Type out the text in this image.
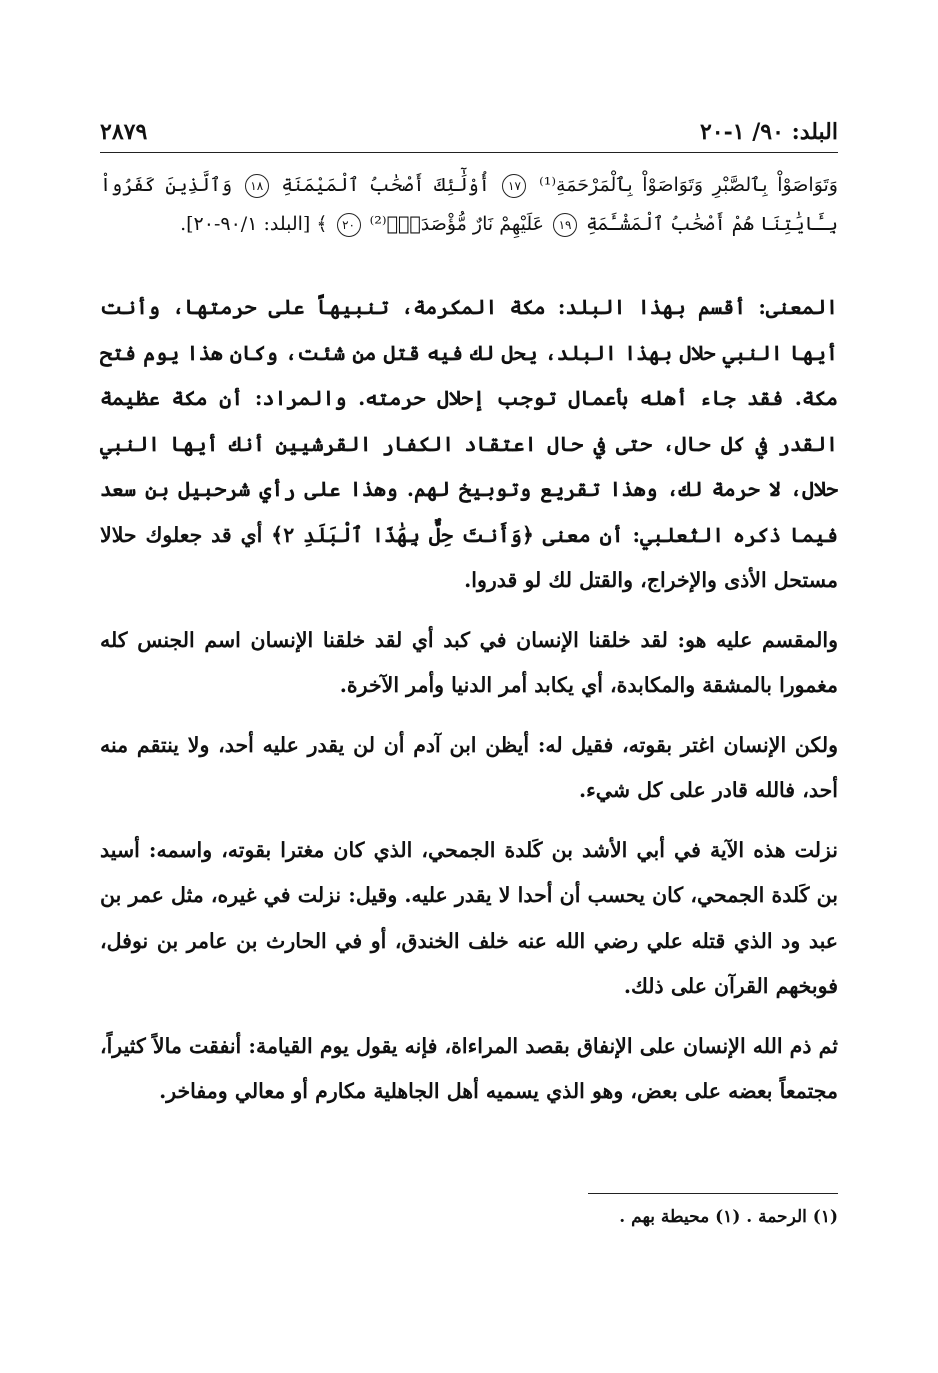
البلد: ٩٠/ ١-٢٠
٢٨٧٩
وَتَوَاصَوْاْ بِٱلصَّبْرِ وَتَوَاصَوْاْ بِٱلْمَرْحَمَةِ⁽¹⁾ ١٧ أُوْلَٰٓئِكَ أَصْحَٰبُ ٱلْمَيْمَنَةِ ١٨ وَٱلَّذِينَ كَفَرُواْ بِـَٔايَٰتِنَا هُمْ أَصْحَٰبُ ٱلْمَشْـَٔمَةِ ١٩ عَلَيْهِمْ نَارٌ مُّؤْصَدَةٌۢ⁽²⁾ ٢٠ ﴾ [البلد: ٩٠/١-٢٠].

المعنى: أقسم بهذا البلد: مكة المكرمة، تنبيهاً على حرمتها، وأنت أيها النبي حلال بهذا البلد، يحل لك فيه قتل من شئت، وكان هذا يوم فتح مكة. فقد جاء أهله بأعمال توجب إحلال حرمته. والمراد: أن مكة عظيمة القدر في كل حال، حتى في حال اعتقاد الكفار القرشيين أنك أيها النبي حلال، لا حرمة لك، وهذا تقريع وتوبيخ لهم. وهذا على رأي شرحبيل بن سعد فيما ذكره الثعلبي: أن معنى ﴿وَأَنتَ حِلٌّ بِهَٰذَا ٱلْبَلَدِ ٢﴾ أي قد جعلوك حلالا مستحل الأذى والإخراج، والقتل لك لو قدروا.

والمقسم عليه هو: لقد خلقنا الإنسان في كبد أي لقد خلقنا الإنسان اسم الجنس كله مغمورا بالمشقة والمكابدة، أي يكابد أمر الدنيا وأمر الآخرة.

ولكن الإنسان اغتر بقوته، فقيل له: أيظن ابن آدم أن لن يقدر عليه أحد، ولا ينتقم منه أحد، فالله قادر على كل شيء.

نزلت هذه الآية في أبي الأشد بن كَلدة الجمحي، الذي كان مغترا بقوته، واسمه: أسيد بن كَلدة الجمحي، كان يحسب أن أحدا لا يقدر عليه. وقيل: نزلت في غيره، مثل عمر بن عبد ود الذي قتله علي رضي الله عنه خلف الخندق، أو في الحارث بن عامر بن نوفل، فوبخهم القرآن على ذلك.

ثم ذم الله الإنسان على الإنفاق بقصد المراءاة، فإنه يقول يوم القيامة: أنفقت مالاً كثيراً، مجتمعاً بعضه على بعض، وهو الذي يسميه أهل الجاهلية مكارم أو معالي ومفاخر.

(١) الرحمة . (١) محيطة بهم .
